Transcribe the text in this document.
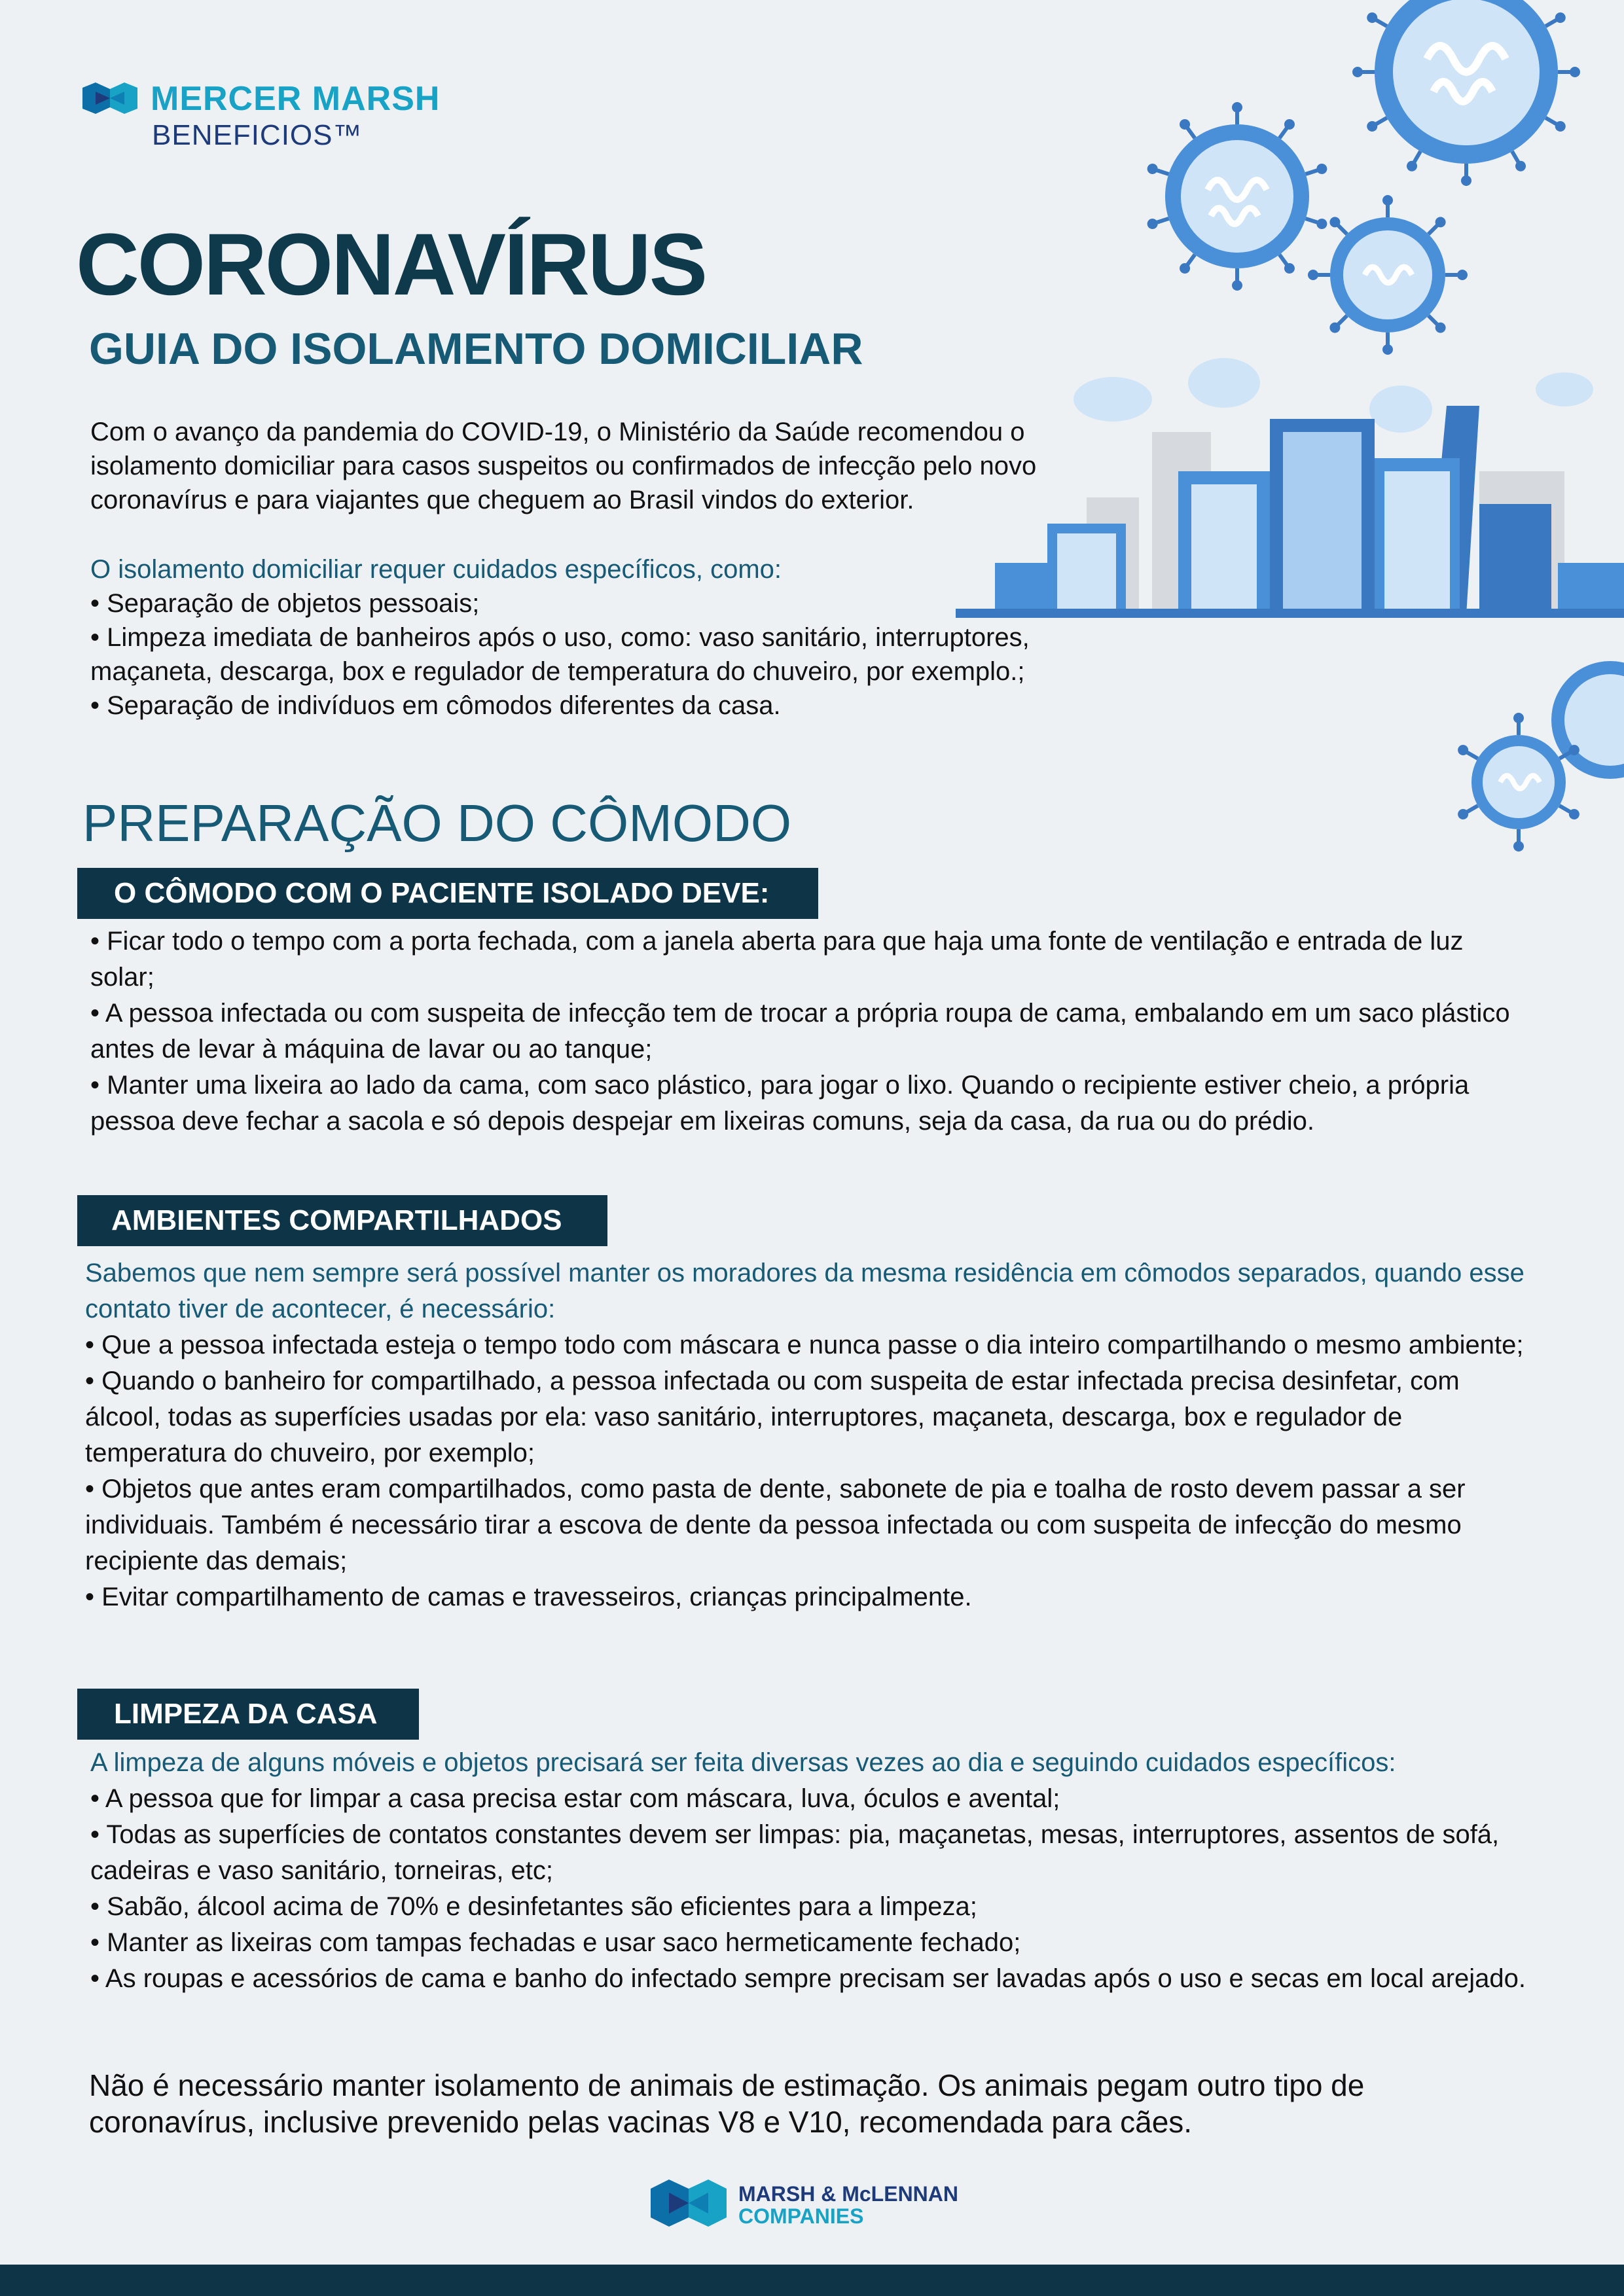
MERCER MARSH
BENEFICIOS™
CORONAVÍRUS
GUIA DO ISOLAMENTO DOMICILIAR

Com o avanço da pandemia do COVID-19, o Ministério da Saúde recomendou o isolamento domiciliar para casos suspeitos ou confirmados de infecção pelo novo coronavírus e para viajantes que cheguem ao Brasil vindos do exterior.

O isolamento domiciliar requer cuidados específicos, como:

• Separação de objetos pessoais;

• Limpeza imediata de banheiros após o uso, como: vaso sanitário, interruptores, maçaneta, descarga, box e regulador de temperatura do chuveiro, por exemplo.;

• Separação de indivíduos em cômodos diferentes da casa.

PREPARAÇÃO DO CÔMODO
O CÔMODO COM O PACIENTE ISOLADO DEVE:

• Ficar todo o tempo com a porta fechada, com a janela aberta para que haja uma fonte de ventilação e entrada de luz solar;

• A pessoa infectada ou com suspeita de infecção tem de trocar a própria roupa de cama, embalando em um saco plástico antes de levar à máquina de lavar ou ao tanque;

• Manter uma lixeira ao lado da cama, com saco plástico, para jogar o lixo. Quando o recipiente estiver cheio, a própria pessoa deve fechar a sacola e só depois despejar em lixeiras comuns, seja da casa, da rua ou do prédio.

AMBIENTES COMPARTILHADOS

Sabemos que nem sempre será possível manter os moradores da mesma residência em cômodos separados, quando esse contato tiver de acontecer, é necessário:

• Que a pessoa infectada esteja o tempo todo com máscara e nunca passe o dia inteiro compartilhando o mesmo ambiente;

• Quando o banheiro for compartilhado, a pessoa infectada ou com suspeita de estar infectada precisa desinfetar, com álcool, todas as superfícies usadas por ela: vaso sanitário, interruptores, maçaneta, descarga, box e regulador de temperatura do chuveiro, por exemplo;

• Objetos que antes eram compartilhados, como pasta de dente, sabonete de pia e toalha de rosto devem passar a ser individuais. Também é necessário tirar a escova de dente da pessoa infectada ou com suspeita de infecção do mesmo recipiente das demais;

• Evitar compartilhamento de camas e travesseiros, crianças principalmente.

LIMPEZA DA CASA

A limpeza de alguns móveis e objetos precisará ser feita diversas vezes ao dia e seguindo cuidados específicos:

• A pessoa que for limpar a casa precisa estar com máscara, luva, óculos e avental;

• Todas as superfícies de contatos constantes devem ser limpas: pia, maçanetas, mesas, interruptores, assentos de sofá, cadeiras e vaso sanitário, torneiras, etc;

• Sabão, álcool acima de 70% e desinfetantes são eficientes para a limpeza;

• Manter as lixeiras com tampas fechadas e usar saco hermeticamente fechado;

• As roupas e acessórios de cama e banho do infectado sempre precisam ser lavadas após o uso e secas em local arejado.

Não é necessário manter isolamento de animais de estimação. Os animais pegam outro tipo de coronavírus, inclusive prevenido pelas vacinas V8 e V10, recomendada para cães.
MARSH & McLENNAN
COMPANIES
